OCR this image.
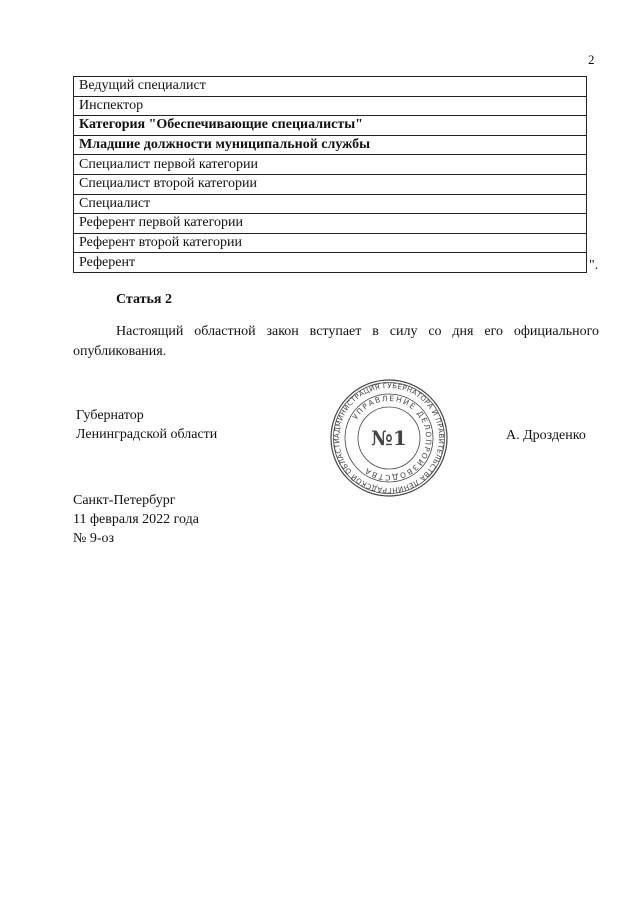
2
Ведущий специалист
Инспектор
Категория "Обеспечивающие специалисты"
Младшие должности муниципальной службы
Специалист первой категории
Специалист второй категории
Специалист
Референт первой категории
Референт второй категории
Референт	".
Статья 2

Настоящий областной закон вступает в силу со дня его официального опубликования.

Губернатор
Ленинградской области	А. Дрозденко
Санкт-Петербург
11 февраля 2022 года
№ 9-оз
АДМИНИСТРАЦИЯ ГУБЕРНАТОРА И ПРАВИТЕЛЬСТВА ЛЕНИНГРАДСКОЙ ОБЛАСТИ
УПРАВЛЕНИЕ ДЕЛОПРОИЗВОДСТВА
№1
